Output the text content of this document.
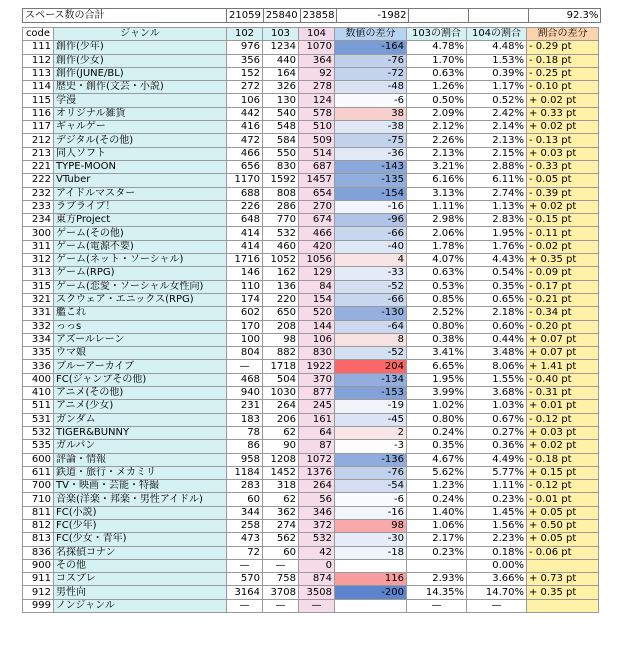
スペース数の合計	21059	25840	23858	-1982			92.3%
code	ジャンル	102	103	104	数値の差分	103の割合	104の割合	割合の差分
111	創作(少年)	976	1234	1070	-164	4.78%	4.48%	- 0.29 pt
112	創作(少女)	356	440	364	-76	1.70%	1.53%	- 0.18 pt
113	創作(JUNE/BL)	152	164	92	-72	0.63%	0.39%	- 0.25 pt
114	歴史・創作(文芸・小説)	272	326	278	-48	1.26%	1.17%	- 0.10 pt
115	学漫	106	130	124	-6	0.50%	0.52%	+ 0.02 pt
116	オリジナル雑貨	442	540	578	38	2.09%	2.42%	+ 0.33 pt
117	ギャルゲー	416	548	510	-38	2.12%	2.14%	+ 0.02 pt
212	デジタル(その他)	472	584	509	-75	2.26%	2.13%	- 0.13 pt
213	同人ソフト	466	550	514	-36	2.13%	2.15%	+ 0.03 pt
221	TYPE-MOON	656	830	687	-143	3.21%	2.88%	- 0.33 pt
222	VTuber	1170	1592	1457	-135	6.16%	6.11%	- 0.05 pt
232	アイドルマスター	688	808	654	-154	3.13%	2.74%	- 0.39 pt
233	ラブライブ！	226	286	270	-16	1.11%	1.13%	+ 0.02 pt
234	東方Project	648	770	674	-96	2.98%	2.83%	- 0.15 pt
300	ゲーム(その他)	414	532	466	-66	2.06%	1.95%	- 0.11 pt
311	ゲーム(電源不要)	414	460	420	-40	1.78%	1.76%	- 0.02 pt
312	ゲーム(ネット・ソーシャル)	1716	1052	1056	4	4.07%	4.43%	+ 0.35 pt
313	ゲーム(RPG)	146	162	129	-33	0.63%	0.54%	- 0.09 pt
315	ゲーム(恋愛・ソーシャル女性向)	110	136	84	-52	0.53%	0.35%	- 0.17 pt
321	スクウェア・エニックス(RPG)	174	220	154	-66	0.85%	0.65%	- 0.21 pt
331	艦これ	602	650	520	-130	2.52%	2.18%	- 0.34 pt
332	っっs	170	208	144	-64	0.80%	0.60%	- 0.20 pt
334	アズールレーン	100	98	106	8	0.38%	0.44%	+ 0.07 pt
335	ウマ娘	804	882	830	-52	3.41%	3.48%	+ 0.07 pt
336	ブルーアーカイブ	—	1718	1922	204	6.65%	8.06%	+ 1.41 pt
400	FC(ジャンプその他)	468	504	370	-134	1.95%	1.55%	- 0.40 pt
410	アニメ(その他)	940	1030	877	-153	3.99%	3.68%	- 0.31 pt
511	アニメ(少女)	231	264	245	-19	1.02%	1.03%	+ 0.01 pt
531	ガンダム	183	206	161	-45	0.80%	0.67%	- 0.12 pt
532	TIGER&BUNNY	78	62	64	2	0.24%	0.27%	+ 0.03 pt
535	ガルパン	86	90	87	-3	0.35%	0.36%	+ 0.02 pt
600	評論・情報	958	1208	1072	-136	4.67%	4.49%	- 0.18 pt
611	鉄道・旅行・メカミリ	1184	1452	1376	-76	5.62%	5.77%	+ 0.15 pt
700	TV・映画・芸能・特撮	283	318	264	-54	1.23%	1.11%	- 0.12 pt
710	音楽(洋楽・邦楽・男性アイドル)	60	62	56	-6	0.24%	0.23%	- 0.01 pt
811	FC(小説)	344	362	346	-16	1.40%	1.45%	+ 0.05 pt
812	FC(少年)	258	274	372	98	1.06%	1.56%	+ 0.50 pt
813	FC(少女・青年)	473	562	532	-30	2.17%	2.23%	+ 0.05 pt
836	名探偵コナン	72	60	42	-18	0.23%	0.18%	- 0.06 pt
900	その他	—	—	0			0.00%	
911	コスプレ	570	758	874	116	2.93%	3.66%	+ 0.73 pt
912	男性向	3164	3708	3508	-200	14.35%	14.70%	+ 0.35 pt
999	ノンジャンル	—	—	—		—	—	
